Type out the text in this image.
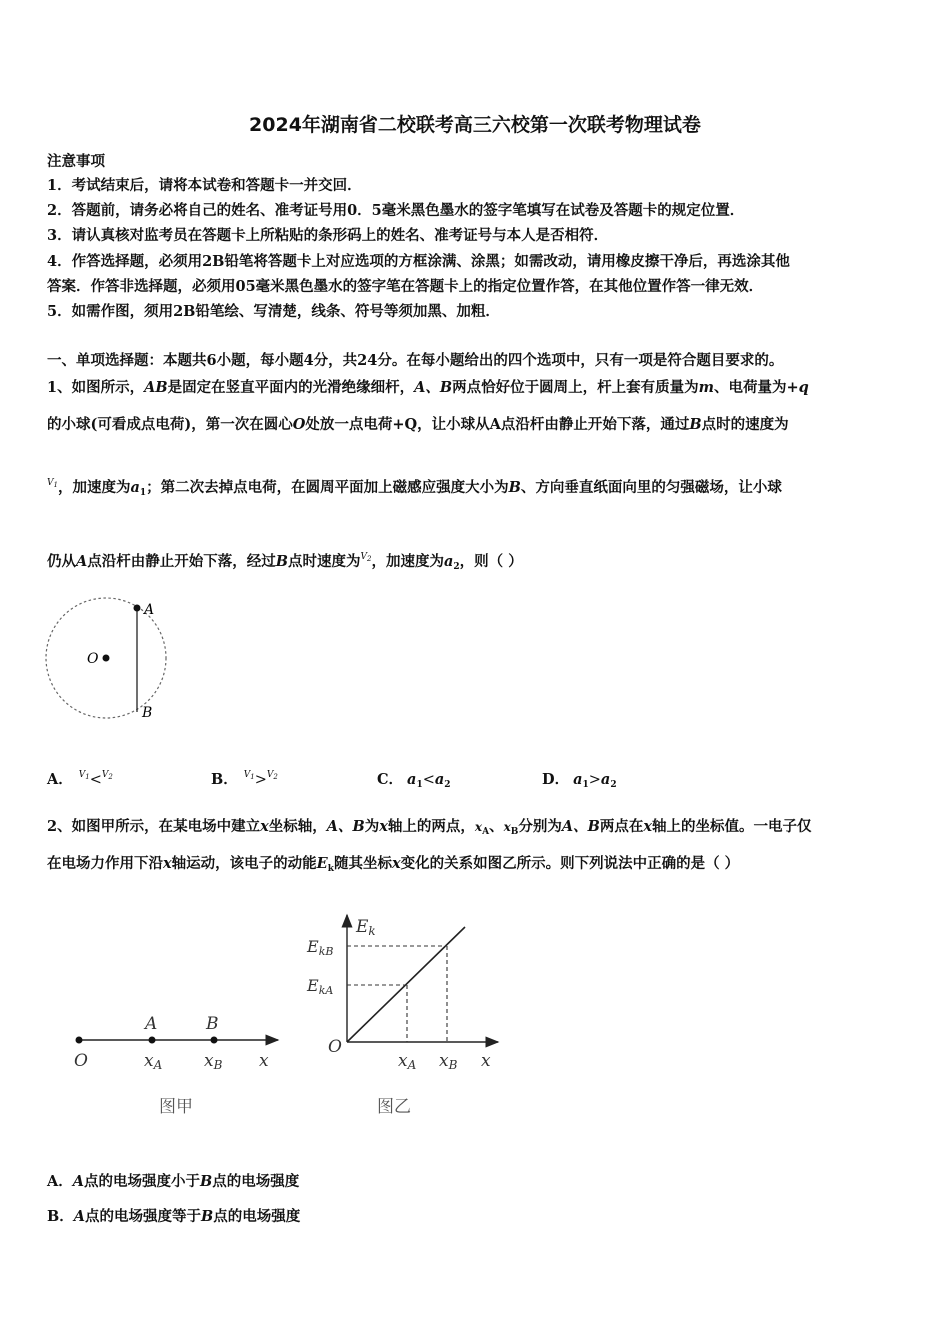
2024年湖南省二校联考高三六校第一次联考物理试卷
注意事项
1．考试结束后，请将本试卷和答题卡一并交回．
2．答题前，请务必将自己的姓名、准考证号用0．5毫米黑色墨水的签字笔填写在试卷及答题卡的规定位置．
3．请认真核对监考员在答题卡上所粘贴的条形码上的姓名、准考证号与本人是否相符．
4．作答选择题，必须用2B铅笔将答题卡上对应选项的方框涂满、涂黑；如需改动，请用橡皮擦干净后，再选涂其他
答案．作答非选择题，必须用05毫米黑色墨水的签字笔在答题卡上的指定位置作答，在其他位置作答一律无效．
5．如需作图，须用2B铅笔绘、写清楚，线条、符号等须加黑、加粗．
一、单项选择题：本题共6小题，每小题4分，共24分。在每小题给出的四个选项中，只有一项是符合题目要求的。
1、如图所示，AB是固定在竖直平面内的光滑绝缘细杆，A、B两点恰好位于圆周上，杆上套有质量为m、电荷量为+q
的小球(可看成点电荷)，第一次在圆心O处放一点电荷+Q，让小球从A点沿杆由静止开始下落，通过B点时的速度为
$^{V_1}$，加速度为$a_1$；第二次去掉点电荷，在圆周平面加上磁感应强度大小为B、方向垂直纸面向里的匀强磁场，让小球
仍从A点沿杆由静止开始下落，经过B点时速度为$^{V_2}$，加速度为$a_2$，则（ ）
A
B
O
A． $^{V_1}$<$^{V_2}$	B． $^{V_1}$>$^{V_2}$	C． $a_1<a_2$	D． $a_1>a_2$
2、如图甲所示，在某电场中建立x坐标轴，A、B为x轴上的两点，$x_A$、$x_B$分别为A、B两点在x轴上的坐标值。一电子仅
在电场力作用下沿x轴运动，该电子的动能$E_k$随其坐标x变化的关系如图乙所示。则下列说法中正确的是（ ）
A	B
O	xA xB x
图甲
Ek
EkB
EkA
O
xA xB x
图乙
A．A点的电场强度小于B点的电场强度
B．A点的电场强度等于B点的电场强度
